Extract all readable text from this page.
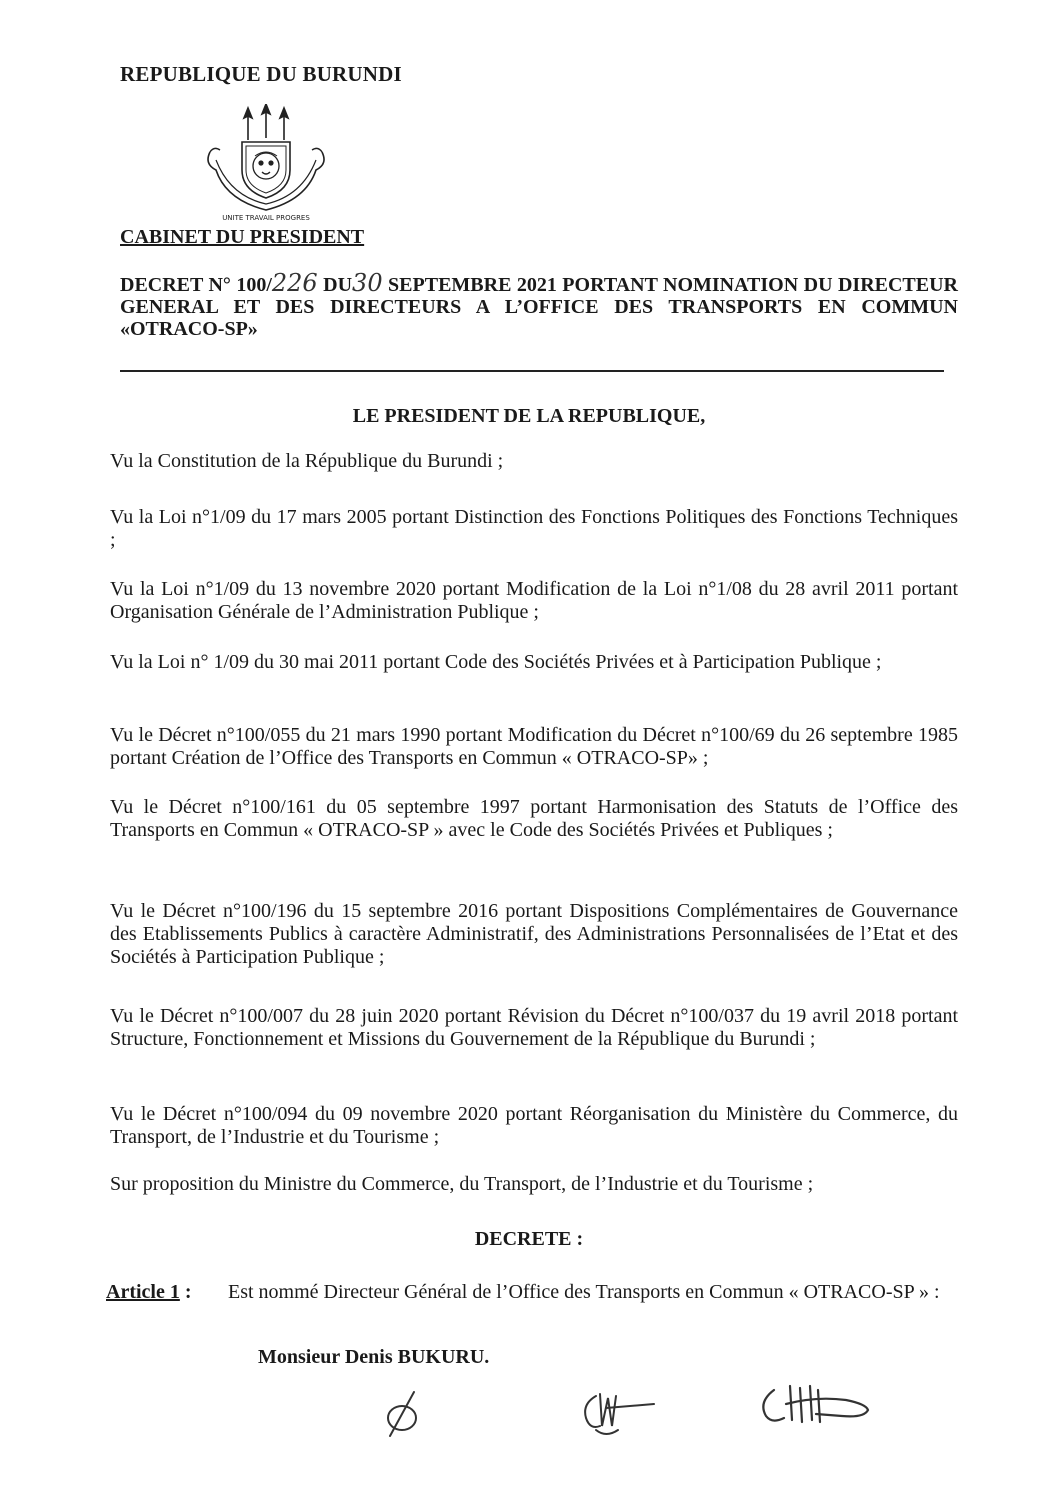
REPUBLIQUE DU BURUNDI
UNITE TRAVAIL PROGRES
CABINET DU PRESIDENT
DECRET N° 100/226 DU30 SEPTEMBRE 2021 PORTANT NOMINATION DU DIRECTEUR GENERAL ET DES DIRECTEURS A L’OFFICE DES TRANSPORTS EN COMMUN «OTRACO-SP»
LE PRESIDENT DE LA REPUBLIQUE,

Vu la Constitution de la République du Burundi ;

Vu la Loi n°1/09 du 17 mars 2005 portant Distinction des Fonctions Politiques des Fonctions Techniques ;

Vu la Loi n°1/09 du 13 novembre 2020 portant Modification de la Loi n°1/08 du 28 avril 2011 portant Organisation Générale de l’Administration Publique ;

Vu la Loi n° 1/09 du 30 mai 2011 portant Code des Sociétés Privées et à Participation Publique ;

Vu le Décret n°100/055 du 21 mars 1990 portant Modification du Décret n°100/69 du 26 septembre 1985 portant Création de l’Office des Transports en Commun « OTRACO-SP» ;

Vu le Décret n°100/161 du 05 septembre 1997 portant Harmonisation des Statuts de l’Office des Transports en Commun « OTRACO-SP » avec le Code des Sociétés Privées et Publiques ;

Vu le Décret n°100/196 du 15 septembre 2016 portant Dispositions Complémentaires de Gouvernance des Etablissements Publics à caractère Administratif, des Administrations Personnalisées de l’Etat et des Sociétés à Participation Publique ;

Vu le Décret n°100/007 du 28 juin 2020 portant Révision du Décret n°100/037 du 19 avril 2018 portant Structure, Fonctionnement et Missions du Gouvernement de la République du Burundi ;

Vu le Décret n°100/094 du 09 novembre 2020 portant Réorganisation du Ministère du Commerce, du Transport, de l’Industrie et du Tourisme ;

Sur proposition du Ministre du Commerce, du Transport, de l’Industrie et du Tourisme ;

DECRETE :
Article 1 : Est nommé Directeur Général de l’Office des Transports en Commun « OTRACO-SP » :
Monsieur Denis BUKURU.
